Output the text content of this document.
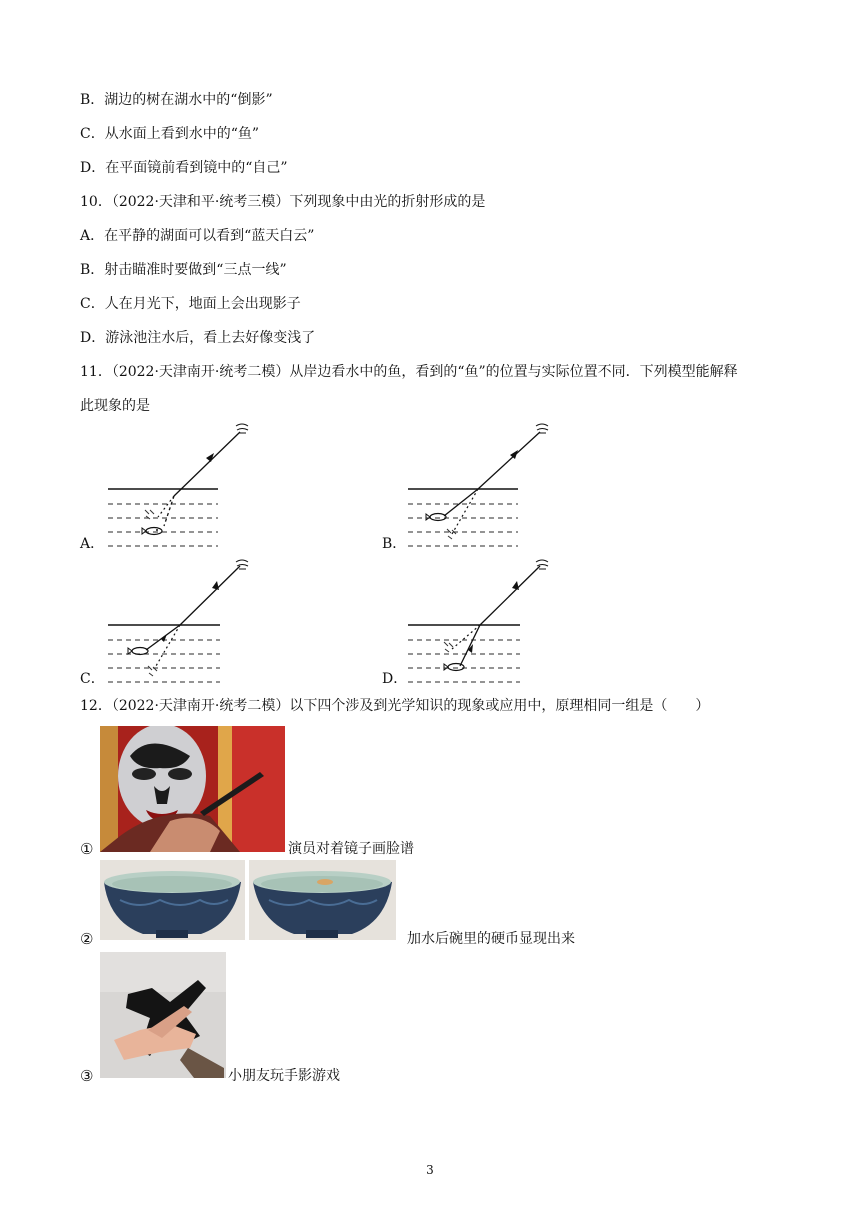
B．湖边的树在湖水中的“倒影”
C．从水面上看到水中的“鱼”
D．在平面镜前看到镜中的“自己”
10．（2022·天津和平·统考三模）下列现象中由光的折射形成的是
A．在平静的湖面可以看到“蓝天白云”
B．射击瞄准时要做到“三点一线”
C．人在月光下，地面上会出现影子
D．游泳池注水后，看上去好像变浅了
11．（2022·天津南开·统考二模）从岸边看水中的鱼，看到的“鱼”的位置与实际位置不同．下列模型能解释
此现象的是
A．	B．
C．	D．
12．（2022·天津南开·统考二模）以下四个涉及到光学知识的现象或应用中，原理相同一组是（　　）
①	演员对着镜子画脸谱
②	加水后碗里的硬币显现出来
③	小朋友玩手影游戏
3
